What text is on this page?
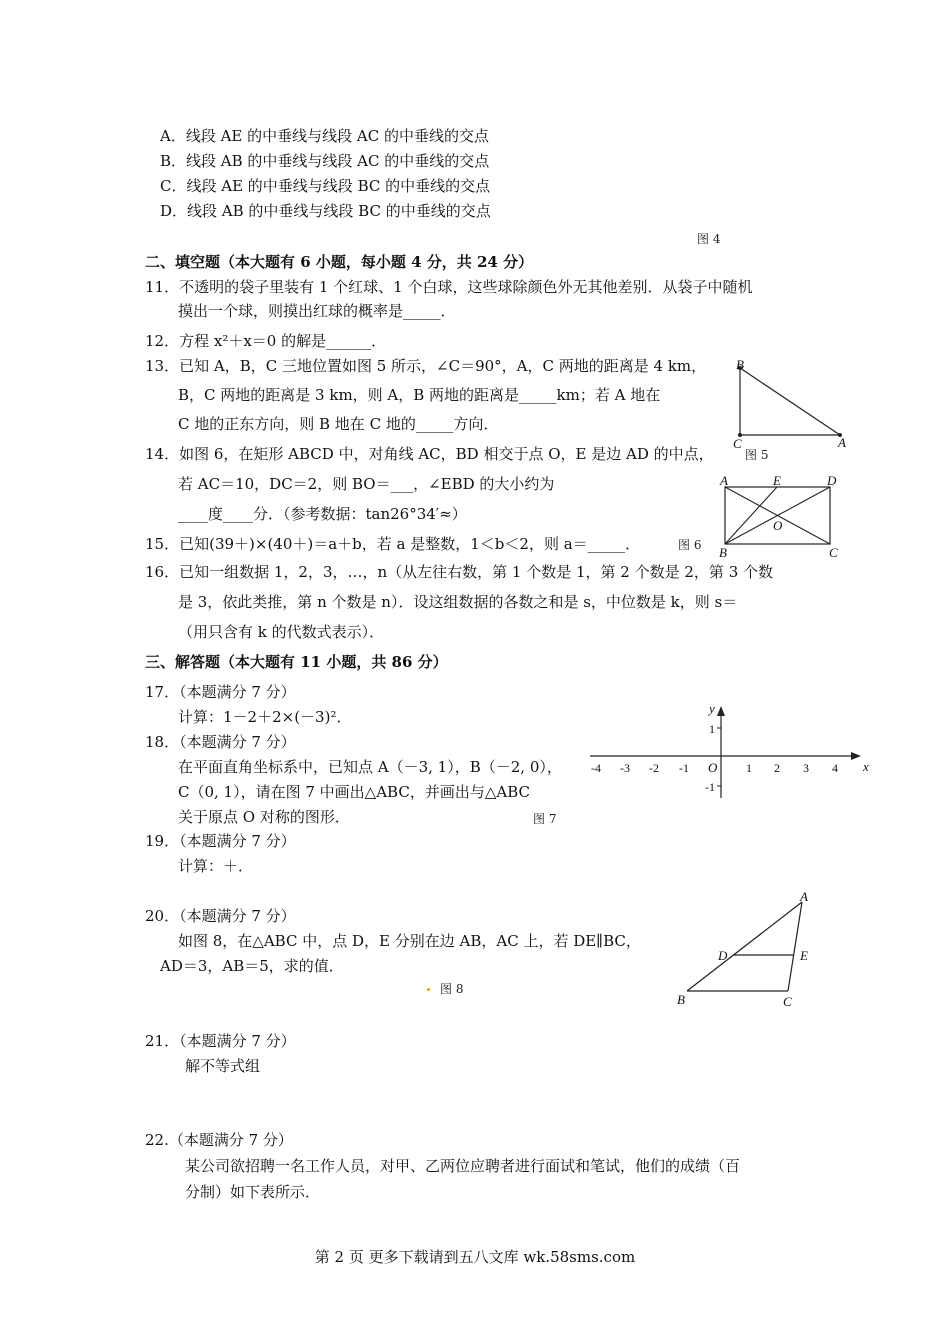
A．线段 AE 的中垂线与线段 AC 的中垂线的交点
B．线段 AB 的中垂线与线段 AC 的中垂线的交点
C．线段 AE 的中垂线与线段 BC 的中垂线的交点
D．线段 AB 的中垂线与线段 BC 的中垂线的交点
图 4
二、填空题（本大题有 6 小题，每小题 4 分，共 24 分）
11．不透明的袋子里装有 1 个红球、1 个白球，这些球除颜色外无其他差别．从袋子中随机
摸出一个球，则摸出红球的概率是_____．
12．方程 x²＋x＝0 的解是______．
13．已知 A，B，C 三地位置如图 5 所示，∠C＝90°，A，C 两地的距离是 4 km，
B，C 两地的距离是 3 km，则 A，B 两地的距离是_____km；若 A 地在
C 地的正东方向，则 B 地在 C 地的_____方向．
14．如图 6，在矩形 ABCD 中，对角线 AC，BD 相交于点 O，E 是边 AD 的中点，
若 AC＝10，DC＝2，则 BO＝___，∠EBD 的大小约为
____度____分．（参考数据：tan26°34′≈）
15．已知(39＋)×(40＋)＝a＋b，若 a 是整数，1＜b＜2，则 a＝_____．	图 6
16．已知一组数据 1，2，3，…，n（从左往右数，第 1 个数是 1，第 2 个数是 2，第 3 个数
是 3，依此类推，第 n 个数是 n）．设这组数据的各数之和是 s，中位数是 k，则 s＝
（用只含有 k 的代数式表示）．
B
C	A
图 5
A	E	D
O
B	C
三、解答题（本大题有 11 小题，共 86 分）
17．（本题满分 7 分）
计算：1－2＋2×(－3)²．
18．（本题满分 7 分）
在平面直角坐标系中，已知点 A（－3, 1），B（－2, 0），
C（0, 1），请在图 7 中画出△ABC，并画出与△ABC
关于原点 O 对称的图形．	图 7
19．（本题满分 7 分）
计算：＋．
x
y
O
1
-1
-4 -3 -2 -1	1 2 3 4
20．（本题满分 7 分）
如图 8，在△ABC 中，点 D，E 分别在边 AB，AC 上，若 DE∥BC，
AD＝3，AB＝5，求的值．
图 8
A
D	E
B	C
21．（本题满分 7 分）
解不等式组
22.（本题满分 7 分）
某公司欲招聘一名工作人员，对甲、乙两位应聘者进行面试和笔试，他们的成绩（百
分制）如下表所示．
第 2 页 更多下载请到五八文库 wk.58sms.com
